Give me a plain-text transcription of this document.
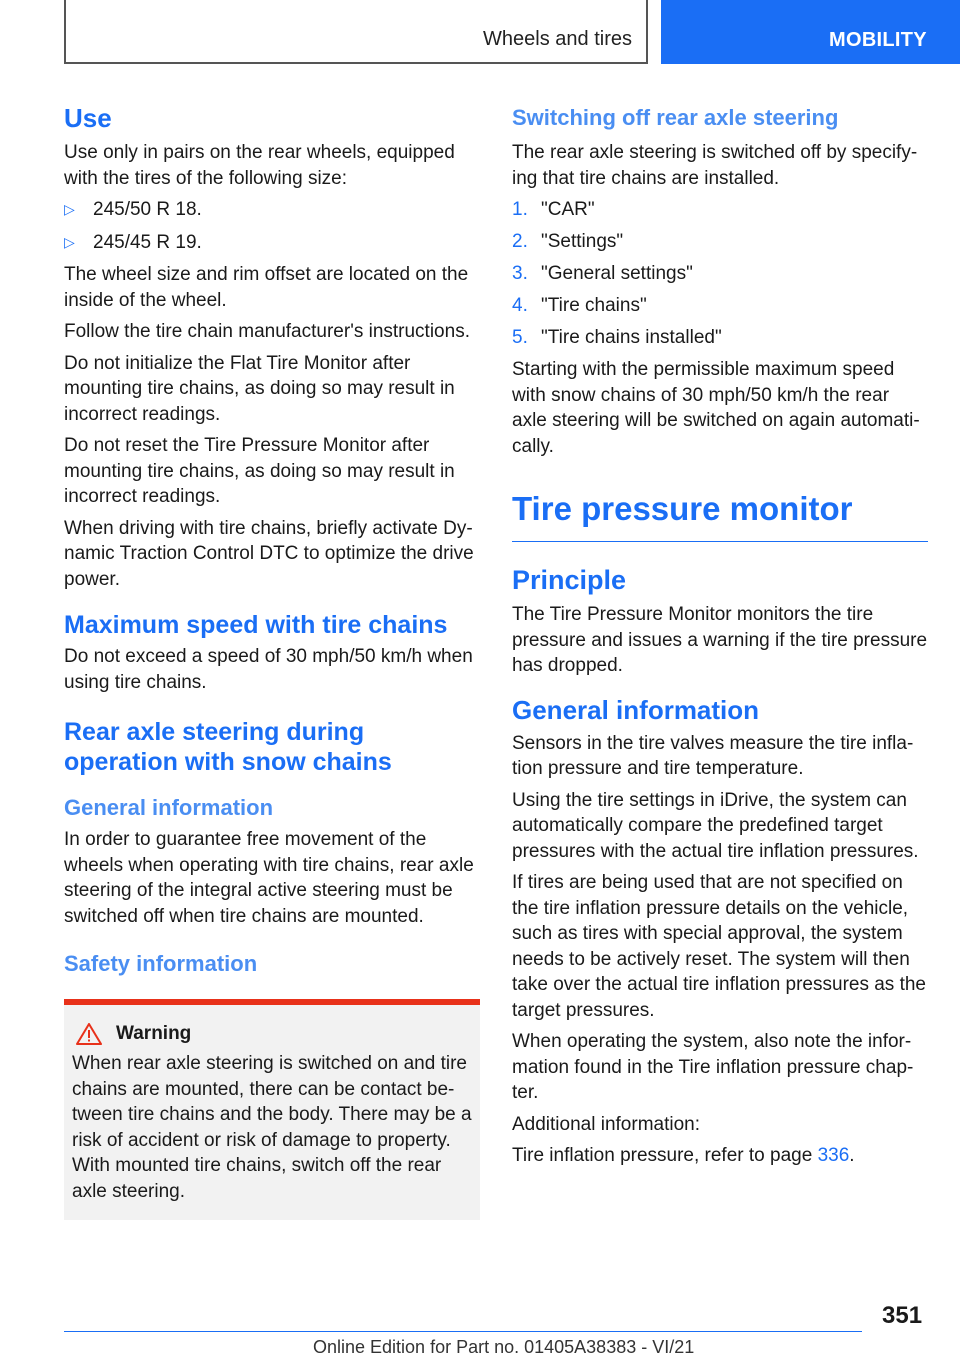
Wheels and tires	MOBILITY
Use

Use only in pairs on the rear wheels, equipped with the tires of the following size:

▷ 245/50 R 18.
▷ 245/45 R 19.

The wheel size and rim offset are located on the inside of the wheel.

Follow the tire chain manufacturer's instructions.

Do not initialize the Flat Tire Monitor after mounting tire chains, as doing so may result in incorrect readings.

Do not reset the Tire Pressure Monitor after mounting tire chains, as doing so may result in incorrect readings.

When driving with tire chains, briefly activate Dynamic Traction Control DTC to optimize the drive power.

Maximum speed with tire chains

Do not exceed a speed of 30 mph/50 km/h when using tire chains.

Rear axle steering during operation with snow chains
General information

In order to guarantee free movement of the wheels when operating with tire chains, rear axle steering of the integral active steering must be switched off when tire chains are mounted.

Safety information
Warning

When rear axle steering is switched on and tire chains are mounted, there can be contact between tire chains and the body. There may be a risk of accident or risk of damage to property.

With mounted tire chains, switch off the rear axle steering.

Switching off rear axle steering

The rear axle steering is switched off by specifying that tire chains are installed.

1. "CAR"
2. "Settings"
3. "General settings"
4. "Tire chains"
5. "Tire chains installed"

Starting with the permissible maximum speed with snow chains of 30 mph/50 km/h the rear axle steering will be switched on again automatically.

Tire pressure monitor
Principle

The Tire Pressure Monitor monitors the tire pressure and issues a warning if the tire pressure has dropped.

General information

Sensors in the tire valves measure the tire inflation pressure and tire temperature.

Using the tire settings in iDrive, the system can automatically compare the predefined target pressures with the actual tire inflation pressures.

If tires are being used that are not specified on the tire inflation pressure details on the vehicle, such as tires with special approval, the system needs to be actively reset. The system will then take over the actual tire inflation pressures as the target pressures.

When operating the system, also note the information found in the Tire inflation pressure chapter.

Additional information:

Tire inflation pressure, refer to page 336.

351
Online Edition for Part no. 01405A38383 - VI/21
